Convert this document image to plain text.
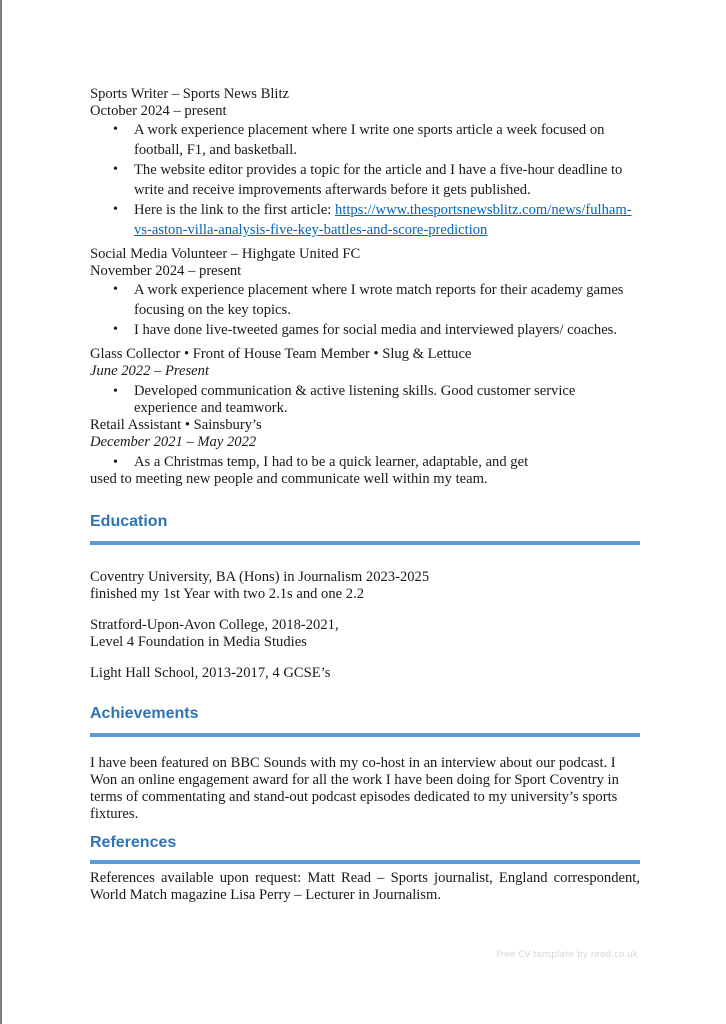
Sports Writer – Sports News Blitz
October 2024 – present
• A work experience placement where I write one sports article a week focused on football, F1, and basketball.
• The website editor provides a topic for the article and I have a five-hour deadline to write and receive improvements afterwards before it gets published.
• Here is the link to the first article: https://www.thesportsnewsblitz.com/news/fulham-vs-aston-villa-analysis-five-key-battles-and-score-prediction
Social Media Volunteer – Highgate United FC
November 2024 – present
• A work experience placement where I wrote match reports for their academy games focusing on the key topics.
• I have done live-tweeted games for social media and interviewed players/ coaches.
Glass Collector • Front of House Team Member • Slug & Lettuce
June 2022 – Present
• Developed communication & active listening skills. Good customer service experience and teamwork.
Retail Assistant • Sainsbury’s
December 2021 – May 2022
• As a Christmas temp, I had to be a quick learner, adaptable, and get
used to meeting new people and communicate well within my team.
Education
Coventry University, BA (Hons) in Journalism 2023-2025
finished my 1st Year with two 2.1s and one 2.2
Stratford-Upon-Avon College, 2018-2021,
Level 4 Foundation in Media Studies
Light Hall School, 2013-2017, 4 GCSE’s
Achievements

I have been featured on BBC Sounds with my co-host in an interview about our podcast. I Won an online engagement award for all the work I have been doing for Sport Coventry in terms of commentating and stand-out podcast episodes dedicated to my university’s sports fixtures.

References

References available upon request: Matt Read – Sports journalist, England correspondent, World Match magazine Lisa Perry – Lecturer in Journalism.

Free CV template by reed.co.uk
